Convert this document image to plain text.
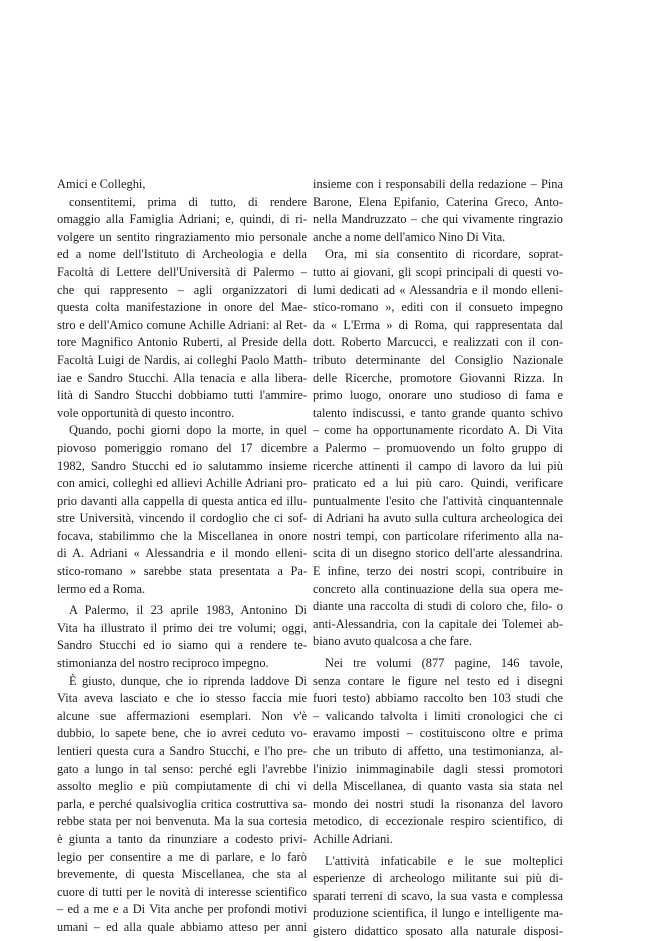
Amici e Colleghi,
consentitemi, prima di tutto, di rendere
omaggio alla Famiglia Adriani; e, quindi, di ri-
volgere un sentito ringraziamento mio personale
ed a nome dell'Istituto di Archeologia e della
Facoltà di Lettere dell'Università di Palermo –
che qui rappresento – agli organizzatori di
questa colta manifestazione in onore del Mae-
stro e dell'Amico comune Achille Adriani: al Ret-
tore Magnifico Antonio Ruberti, al Preside della
Facoltà Luigi de Nardis, ai colleghi Paolo Matth-
iae e Sandro Stucchi. Alla tenacia e alla libera-
lità di Sandro Stucchi dobbiamo tutti l'ammire-
vole opportunità di questo incontro.
Quando, pochi giorni dopo la morte, in quel
piovoso pomeriggio romano del 17 dicembre
1982, Sandro Stucchi ed io salutammo insieme
con amici, colleghi ed allievi Achille Adriani pro-
prio davanti alla cappella di questa antica ed illu-
stre Università, vincendo il cordoglio che ci sof-
focava, stabilimmo che la Miscellanea in onore
di A. Adriani « Alessandria e il mondo elleni-
stico-romano » sarebbe stata presentata a Pa-
lermo ed a Roma.
A Palermo, il 23 aprile 1983, Antonino Di
Vita ha illustrato il primo dei tre volumi; oggi,
Sandro Stucchi ed io siamo qui a rendere te-
stimonianza del nostro reciproco impegno.
È giusto, dunque, che io riprenda laddove Di
Vita aveva lasciato e che io stesso faccia mie
alcune sue affermazioni esemplari. Non v'è
dubbio, lo sapete bene, che io avrei ceduto vo-
lentieri questa cura a Sandro Stucchi, e l'ho pre-
gato a lungo in tal senso: perché egli l'avrebbe
assolto meglio e più compiutamente di chi vi
parla, e perché qualsivoglia critica costruttiva sa-
rebbe stata per noi benvenuta. Ma la sua cortesia
è giunta a tanto da rinunziare a codesto privi-
legio per consentire a me di parlare, e lo farò
brevemente, di questa Miscellanea, che sta al
cuore di tutti per le novità di interesse scientifico
– ed a me e a Di Vita anche per profondi motivi
umani – ed alla quale abbiamo atteso per anni
insieme con i responsabili della redazione – Pina
Barone, Elena Epifanio, Caterina Greco, Anto-
nella Mandruzzato – che qui vivamente ringrazio
anche a nome dell'amico Nino Di Vita.
Ora, mi sia consentito di ricordare, soprat-
tutto ai giovani, gli scopi principali di questi vo-
lumi dedicati ad « Alessandria e il mondo elleni-
stico-romano », editi con il consueto impegno
da « L'Erma » di Roma, qui rappresentata dal
dott. Roberto Marcucci, e realizzati con il con-
tributo determinante del Consiglio Nazionale
delle Ricerche, promotore Giovanni Rizza. In
primo luogo, onorare uno studioso di fama e
talento indiscussi, e tanto grande quanto schivo
– come ha opportunamente ricordato A. Di Vita
a Palermo – promuovendo un folto gruppo di
ricerche attinenti il campo di lavoro da lui più
praticato ed a lui più caro. Quindi, verificare
puntualmente l'esito che l'attività cinquantennale
di Adriani ha avuto sulla cultura archeologica dei
nostri tempi, con particolare riferimento alla na-
scita di un disegno storico dell'arte alessandrina.
E infine, terzo dei nostri scopi, contribuire in
concreto alla continuazione della sua opera me-
diante una raccolta di studi di coloro che, filo- o
anti-Alessandria, con la capitale dei Tolemei ab-
biano avuto qualcosa a che fare.
Nei tre volumi (877 pagine, 146 tavole,
senza contare le figure nel testo ed i disegni
fuori testo) abbiamo raccolto ben 103 studi che
– valicando talvolta i limiti cronologici che ci
eravamo imposti – costituiscono oltre e prima
che un tributo di affetto, una testimonianza, al-
l'inizio inimmaginabile dagli stessi promotori
della Miscellanea, di quanto vasta sia stata nel
mondo dei nostri studi la risonanza del lavoro
metodico, di eccezionale respiro scientifico, di
Achille Adriani.
L'attività infaticabile e le sue molteplici
esperienze di archeologo militante sui più di-
sparati terreni di scavo, la sua vasta e complessa
produzione scientifica, il lungo e intelligente ma-
gistero didattico sposato alla naturale disposi-
